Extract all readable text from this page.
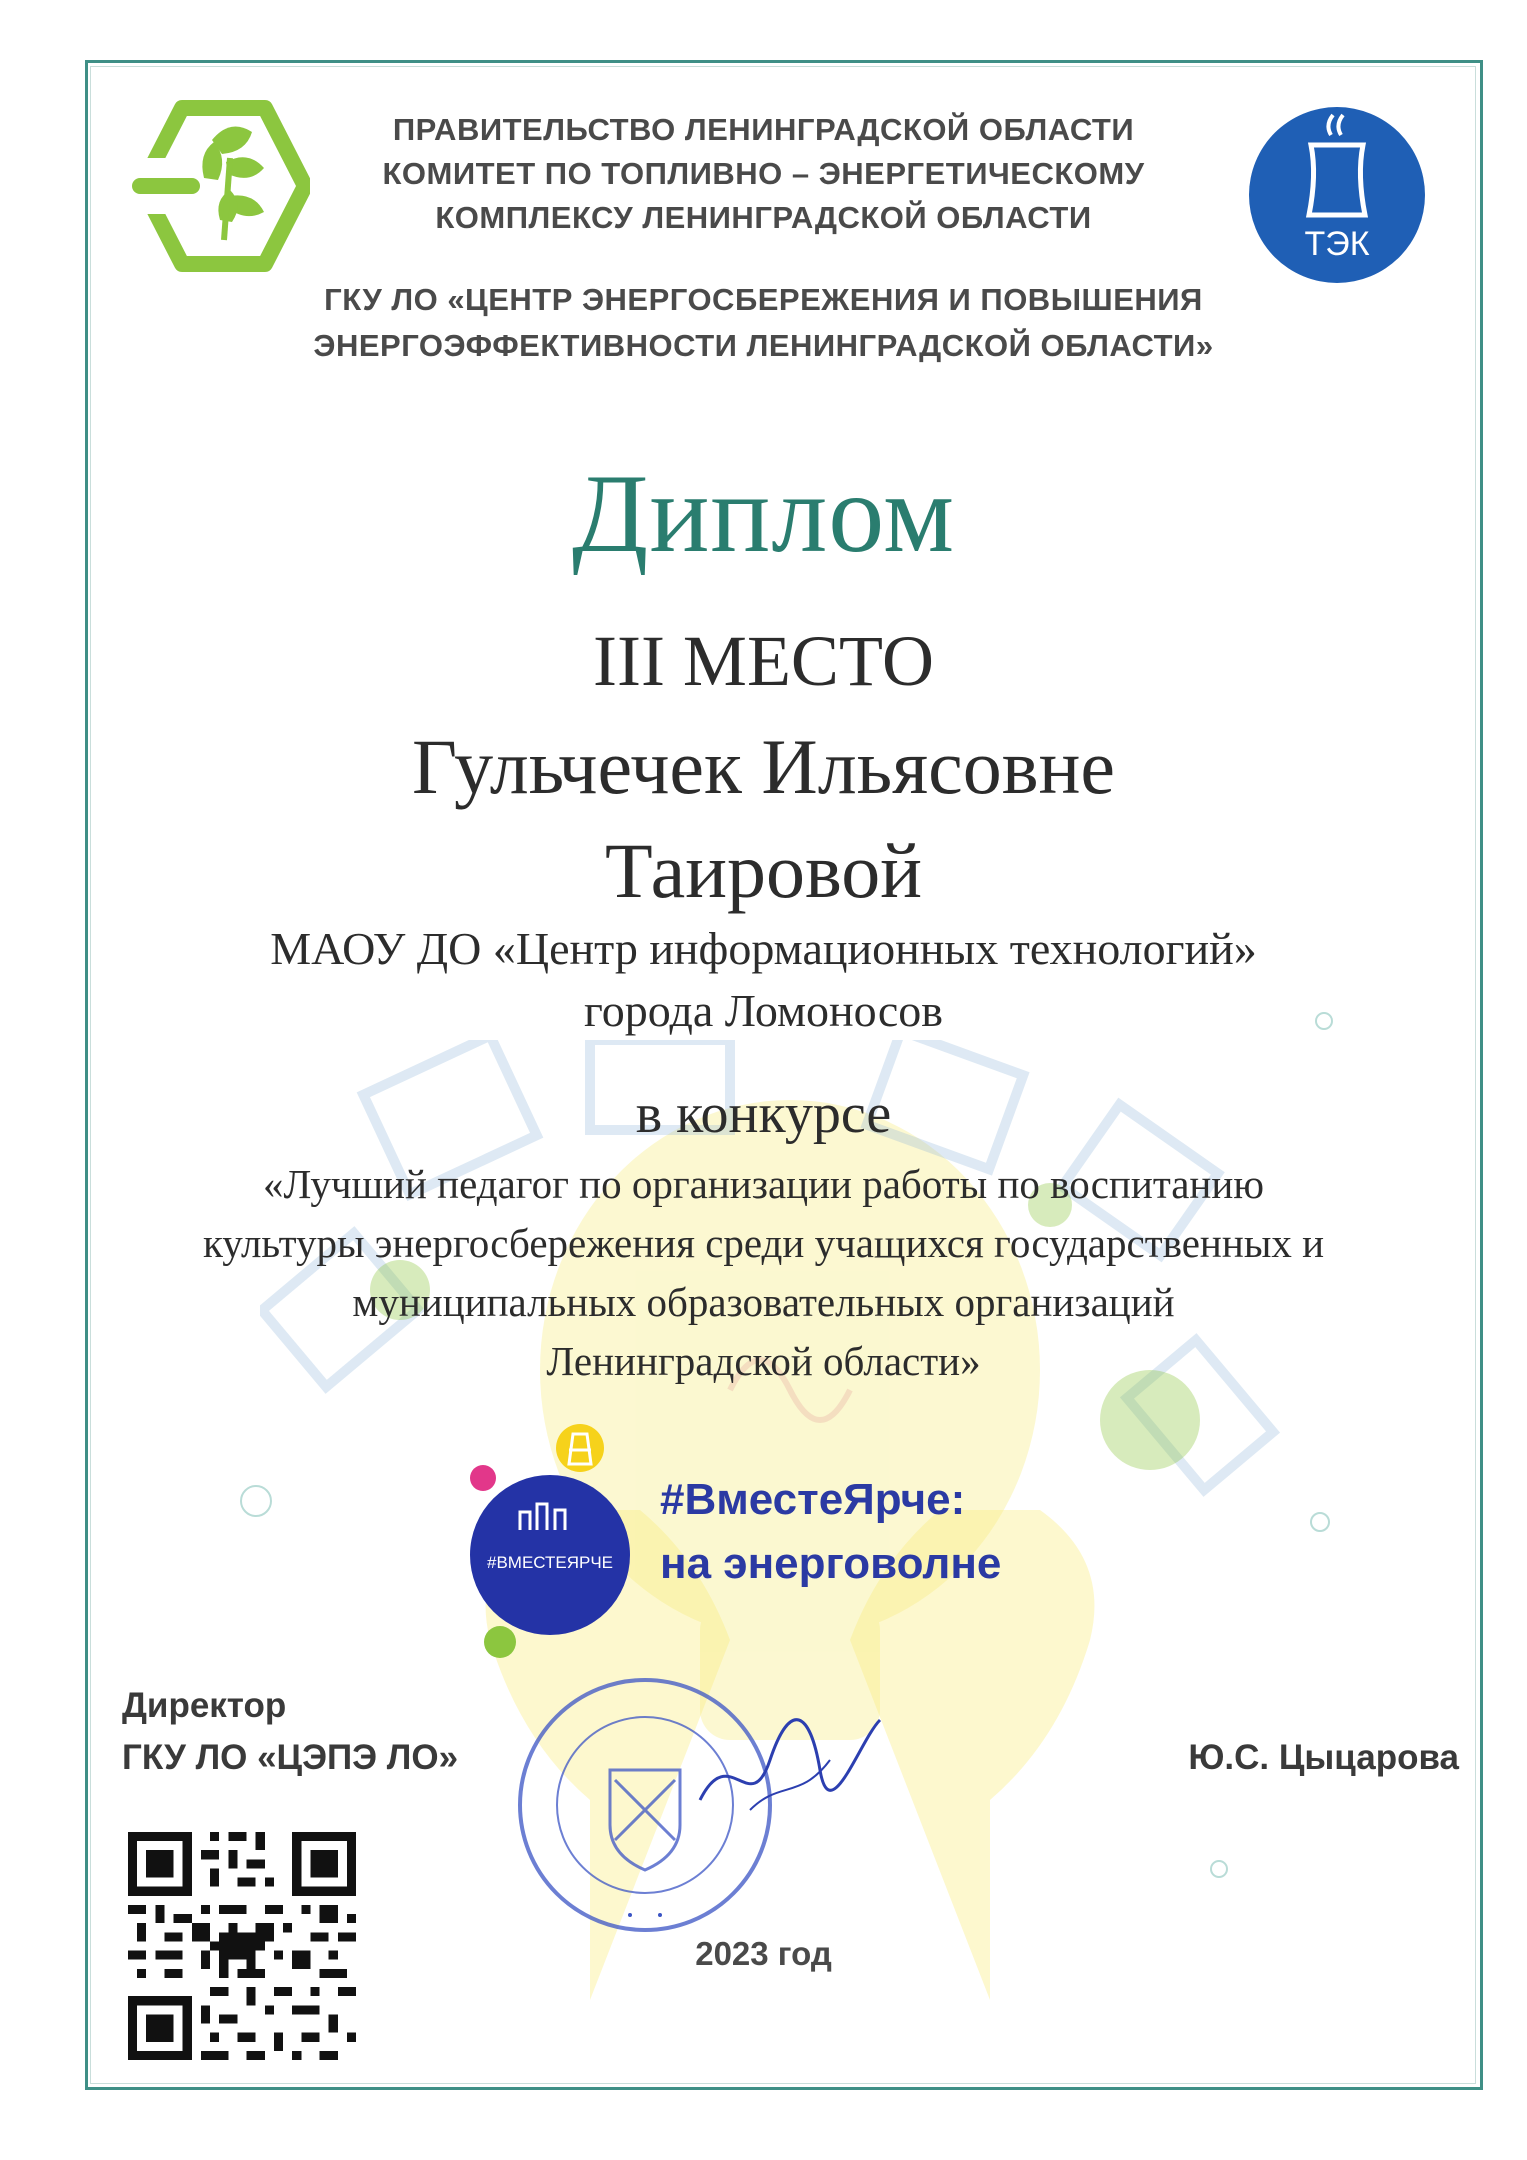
ТЭК
ПРАВИТЕЛЬСТВО ЛЕНИНГРАДСКОЙ ОБЛАСТИ
КОМИТЕТ ПО ТОПЛИВНО – ЭНЕРГЕТИЧЕСКОМУ
КОМПЛЕКСУ ЛЕНИНГРАДСКОЙ ОБЛАСТИ
ГКУ ЛО «ЦЕНТР ЭНЕРГОСБЕРЕЖЕНИЯ И ПОВЫШЕНИЯ
ЭНЕРГОЭФФЕКТИВНОСТИ ЛЕНИНГРАДСКОЙ ОБЛАСТИ»
Диплом
III МЕСТО
Гульчечек Ильясовне
Таировой
МАОУ ДО «Центр информационных технологий»
города Ломоносов
в конкурсе
«Лучший педагог по организации работы по воспитанию
культуры энергосбережения среди учащихся государственных и
муниципальных образовательных организаций
Ленинградской области»
#ВМЕСТЕЯРЧЕ
#ВместеЯрче:
на энерговолне
Директор
ГКУ ЛО «ЦЭПЭ ЛО»	Ю.С. Цыцарова
2023 год
